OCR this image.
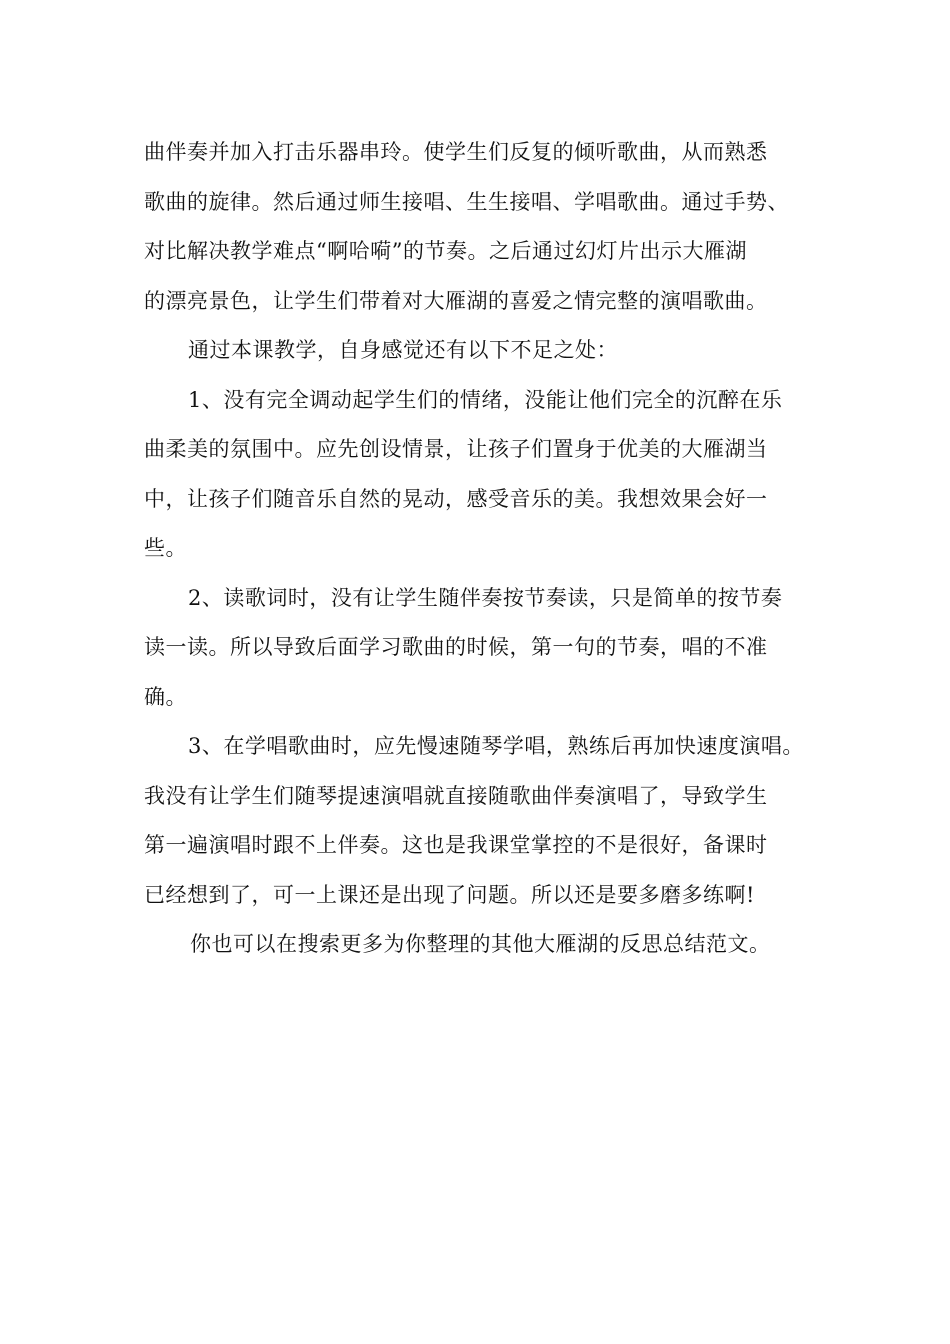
曲伴奏并加入打击乐器串玲。使学生们反复的倾听歌曲，从而熟悉
歌曲的旋律。然后通过师生接唱、生生接唱、学唱歌曲。通过手势、
对比解决教学难点“啊哈嗬”的节奏。之后通过幻灯片出示大雁湖
的漂亮景色，让学生们带着对大雁湖的喜爱之情完整的演唱歌曲。

通过本课教学，自身感觉还有以下不足之处：

1、没有完全调动起学生们的情绪，没能让他们完全的沉醉在乐
曲柔美的氛围中。应先创设情景，让孩子们置身于优美的大雁湖当
中，让孩子们随音乐自然的晃动，感受音乐的美。我想效果会好一
些。

2、读歌词时，没有让学生随伴奏按节奏读，只是简单的按节奏
读一读。所以导致后面学习歌曲的时候，第一句的节奏，唱的不准
确。

3、在学唱歌曲时，应先慢速随琴学唱，熟练后再加快速度演唱。
我没有让学生们随琴提速演唱就直接随歌曲伴奏演唱了，导致学生
第一遍演唱时跟不上伴奏。这也是我课堂掌控的不是很好，备课时
已经想到了，可一上课还是出现了问题。所以还是要多磨多练啊!

你也可以在搜索更多为你整理的其他大雁湖的反思总结范文。
